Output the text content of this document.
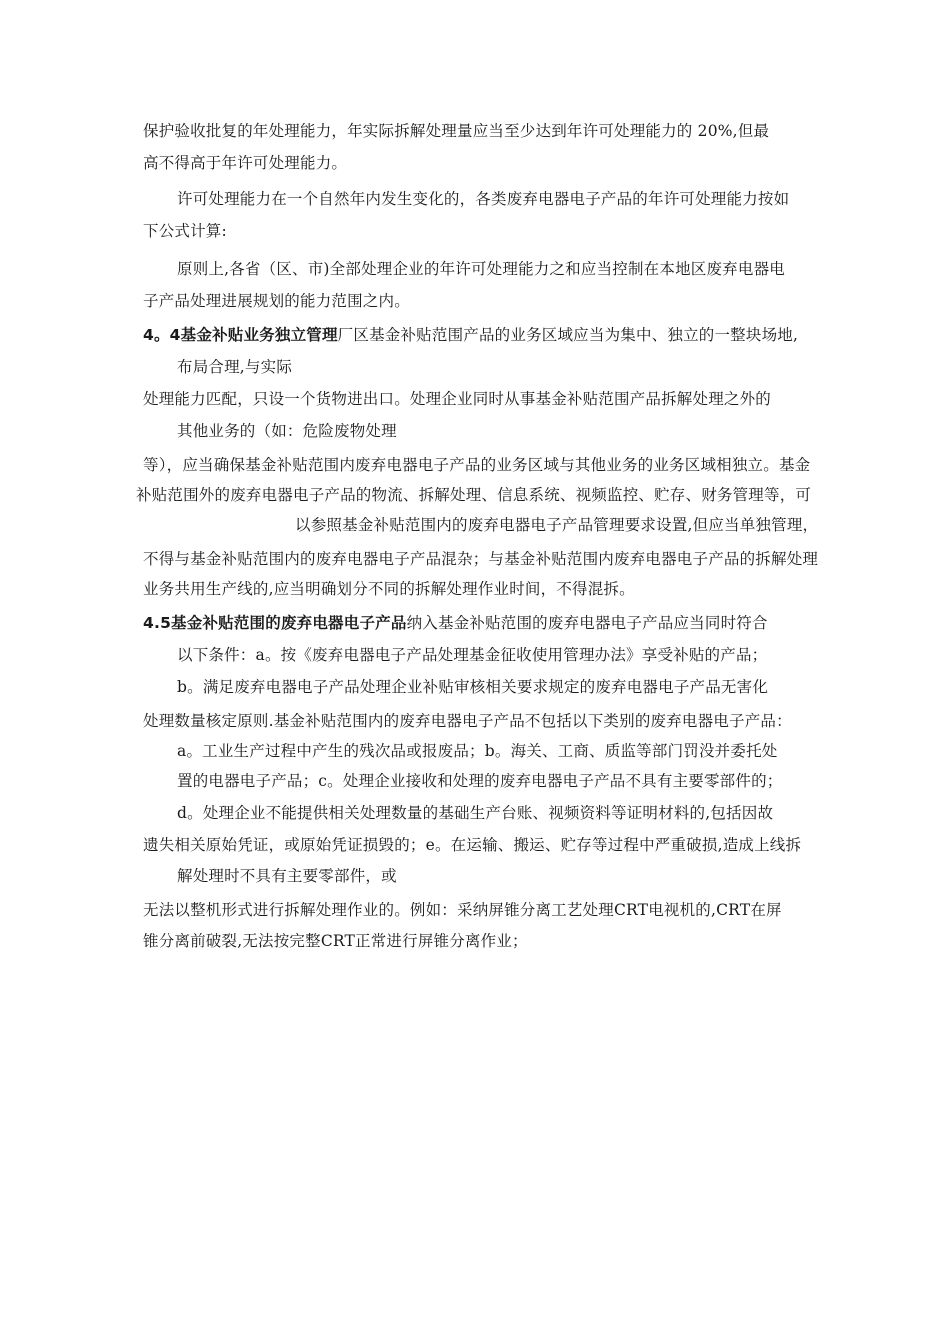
保护验收批复的年处理能力，年实际拆解处理量应当至少达到年许可处理能力的 20%,但最
高不得高于年许可处理能力。
许可处理能力在一个自然年内发生变化的，各类废弃电器电子产品的年许可处理能力按如
下公式计算:
原则上,各省（区、市)全部处理企业的年许可处理能力之和应当控制在本地区废弃电器电
子产品处理进展规划的能力范围之内。
4。4基金补贴业务独立管理厂区基金补贴范围产品的业务区域应当为集中、独立的一整块场地,
布局合理,与实际
处理能力匹配，只设一个货物进出口。处理企业同时从事基金补贴范围产品拆解处理之外的
其他业务的（如：危险废物处理
等），应当确保基金补贴范围内废弃电器电子产品的业务区域与其他业务的业务区域相独立。基金
补贴范围外的废弃电器电子产品的物流、拆解处理、信息系统、视频监控、贮存、财务管理等，可
以参照基金补贴范围内的废弃电器电子产品管理要求设置,但应当单独管理，
不得与基金补贴范围内的废弃电器电子产品混杂；与基金补贴范围内废弃电器电子产品的拆解处理
业务共用生产线的,应当明确划分不同的拆解处理作业时间，不得混拆。
4.5基金补贴范围的废弃电器电子产品纳入基金补贴范围的废弃电器电子产品应当同时符合
以下条件：a。按《废弃电器电子产品处理基金征收使用管理办法》享受补贴的产品；
b。满足废弃电器电子产品处理企业补贴审核相关要求规定的废弃电器电子产品无害化
处理数量核定原则.基金补贴范围内的废弃电器电子产品不包括以下类别的废弃电器电子产品：
a。工业生产过程中产生的残次品或报废品；b。海关、工商、质监等部门罚没并委托处
置的电器电子产品；c。处理企业接收和处理的废弃电器电子产品不具有主要零部件的；
d。处理企业不能提供相关处理数量的基础生产台账、视频资料等证明材料的,包括因故
遗失相关原始凭证，或原始凭证损毁的；e。在运输、搬运、贮存等过程中严重破损,造成上线拆
解处理时不具有主要零部件，或
无法以整机形式进行拆解处理作业的。例如：采纳屏锥分离工艺处理CRT电视机的,CRT在屏
锥分离前破裂,无法按完整CRT正常进行屏锥分离作业；
